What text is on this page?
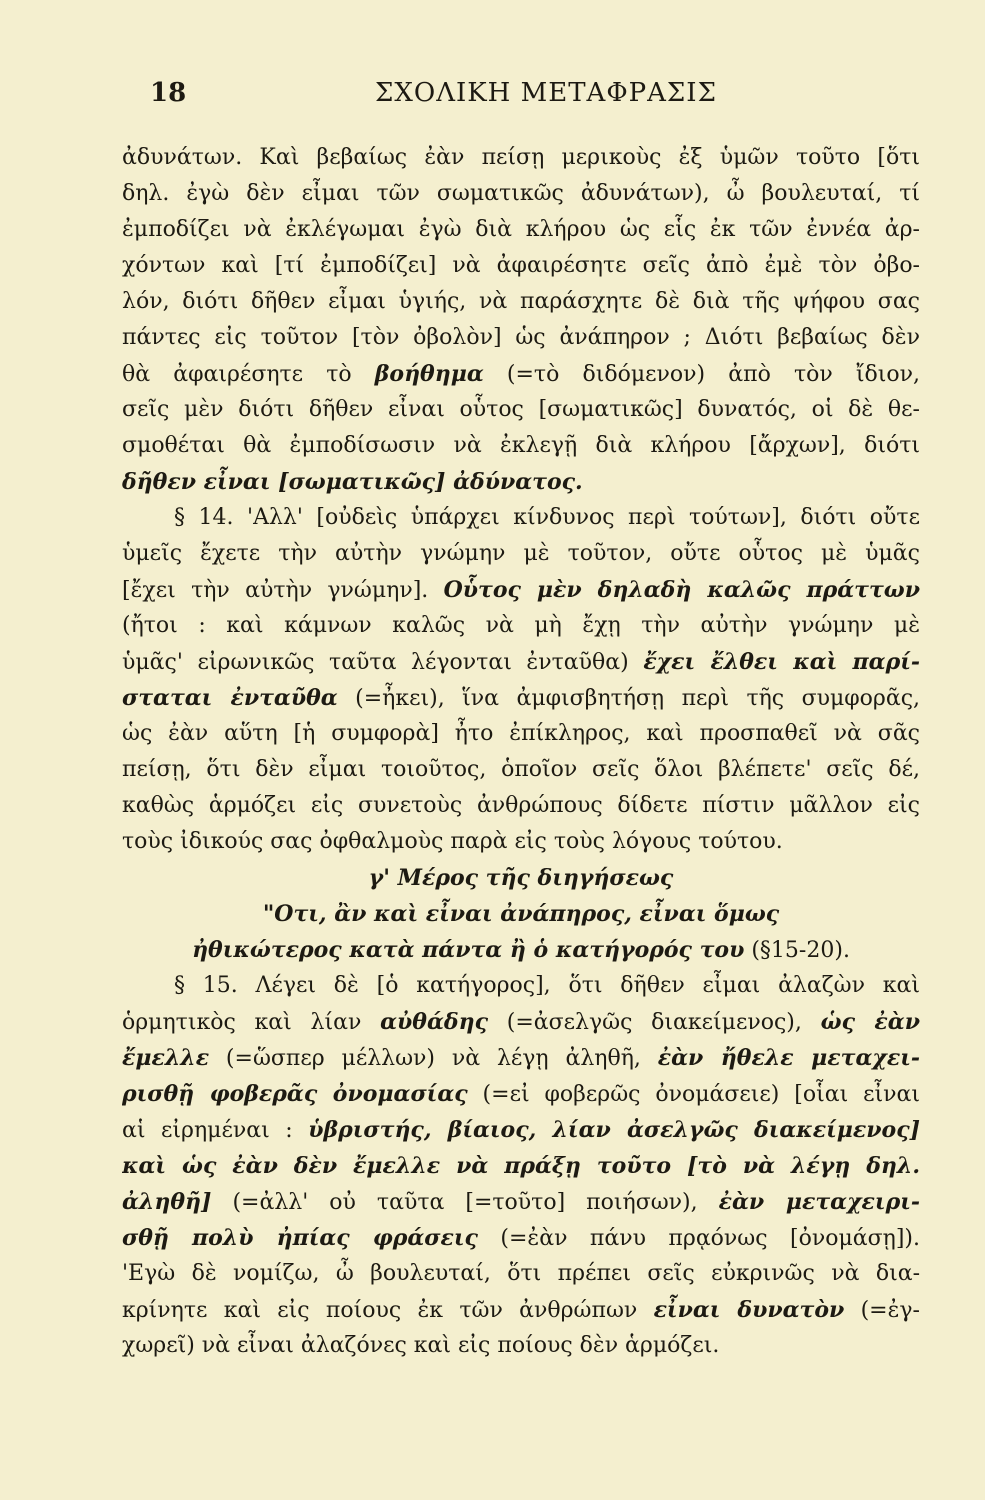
18	ΣΧΟΛΙΚΗ ΜΕΤΑΦΡΑΣΙΣ
ἀδυνάτων. Καὶ βεβαίως ἐὰν πείσῃ μερικοὺς ἐξ ὑμῶν τοῦτο [ὅτι
δηλ. ἐγὼ δὲν εἶμαι τῶν σωματικῶς ἀδυνάτων), ὦ βουλευταί, τί
ἐμποδίζει νὰ ἐκλέγωμαι ἐγὼ διὰ κλήρου ὡς εἷς ἐκ τῶν ἐννέα ἀρ-
χόντων καὶ [τί ἐμποδίζει] νὰ ἀφαιρέσητε σεῖς ἀπὸ ἐμὲ τὸν ὀβο-
λόν, διότι δῆθεν εἶμαι ὑγιής, νὰ παράσχητε δὲ διὰ τῆς ψήφου σας
πάντες εἰς τοῦτον [τὸν ὀβολὸν] ὡς ἀνάπηρον ; Διότι βεβαίως δὲν
θὰ ἀφαιρέσητε τὸ βοήθημα (=τὸ διδόμενον) ἀπὸ τὸν ἴδιον,
σεῖς μὲν διότι δῆθεν εἶναι οὗτος [σωματικῶς] δυνατός, οἱ δὲ θε-
σμοθέται θὰ ἐμποδίσωσιν νὰ ἐκλεγῇ διὰ κλήρου [ἄρχων], διότι
δῆθεν εἶναι [σωματικῶς] ἀδύνατος.
§ 14. 'Αλλ' [οὐδεὶς ὑπάρχει κίνδυνος περὶ τούτων], διότι οὔτε
ὑμεῖς ἔχετε τὴν αὐτὴν γνώμην μὲ τοῦτον, οὔτε οὗτος μὲ ὑμᾶς
[ἔχει τὴν αὐτὴν γνώμην]. Οὗτος μὲν δηλαδὴ καλῶς πράττων
(ἤτοι : καὶ κάμνων καλῶς νὰ μὴ ἔχῃ τὴν αὐτὴν γνώμην μὲ
ὑμᾶς' εἰρωνικῶς ταῦτα λέγονται ἐνταῦθα) ἔχει ἔλθει καὶ παρί-
σταται ἐνταῦθα (=ἦκει), ἵνα ἀμφισβητήσῃ περὶ τῆς συμφορᾶς,
ὡς ἐὰν αὕτη [ἡ συμφορὰ] ἦτο ἐπίκληρος, καὶ προσπαθεῖ νὰ σᾶς
πείσῃ, ὅτι δὲν εἶμαι τοιοῦτος, ὁποῖον σεῖς ὅλοι βλέπετε' σεῖς δέ,
καθὼς ἁρμόζει εἰς συνετοὺς ἀνθρώπους δίδετε πίστιν μᾶλλον εἰς
τοὺς ἰδικούς σας ὀφθαλμοὺς παρὰ εἰς τοὺς λόγους τούτου.
γ' Μέρος τῆς διηγήσεως
"Οτι, ἂν καὶ εἶναι ἀνάπηρος, εἶναι ὅμως
ἠθικώτερος κατὰ πάντα ἢ ὁ κατήγορός του (§15-20).
§ 15. Λέγει δὲ [ὁ κατήγορος], ὅτι δῆθεν εἶμαι ἀλαζὼν καὶ
ὁρμητικὸς καὶ λίαν αὐθάδης (=ἀσελγῶς διακείμενος), ὡς ἐὰν
ἔμελλε (=ὥσπερ μέλλων) νὰ λέγῃ ἀληθῆ, ἐὰν ἤθελε μεταχει-
ρισθῇ φοβερᾶς ὀνομασίας (=εἰ φοβερῶς ὀνομάσειε) [οἷαι εἶναι
αἱ εἰρημέναι : ὑβριστής, βίαιος, λίαν ἀσελγῶς διακείμενος]
καὶ ὡς ἐὰν δὲν ἔμελλε νὰ πράξῃ τοῦτο [τὸ νὰ λέγῃ δηλ.
ἀληθῆ] (=ἀλλ' οὐ ταῦτα [=τοῦτο] ποιήσων), ἐὰν μεταχειρι-
σθῇ πολὺ ἠπίας φράσεις (=ἐὰν πάνυ πρᾳόνως [ὀνομάσῃ]).
'Εγὼ δὲ νομίζω, ὦ βουλευταί, ὅτι πρέπει σεῖς εὐκρινῶς νὰ δια-
κρίνητε καὶ εἰς ποίους ἐκ τῶν ἀνθρώπων εἶναι δυνατὸν (=ἐγ-
χωρεῖ) νὰ εἶναι ἀλαζόνες καὶ εἰς ποίους δὲν ἁρμόζει.
